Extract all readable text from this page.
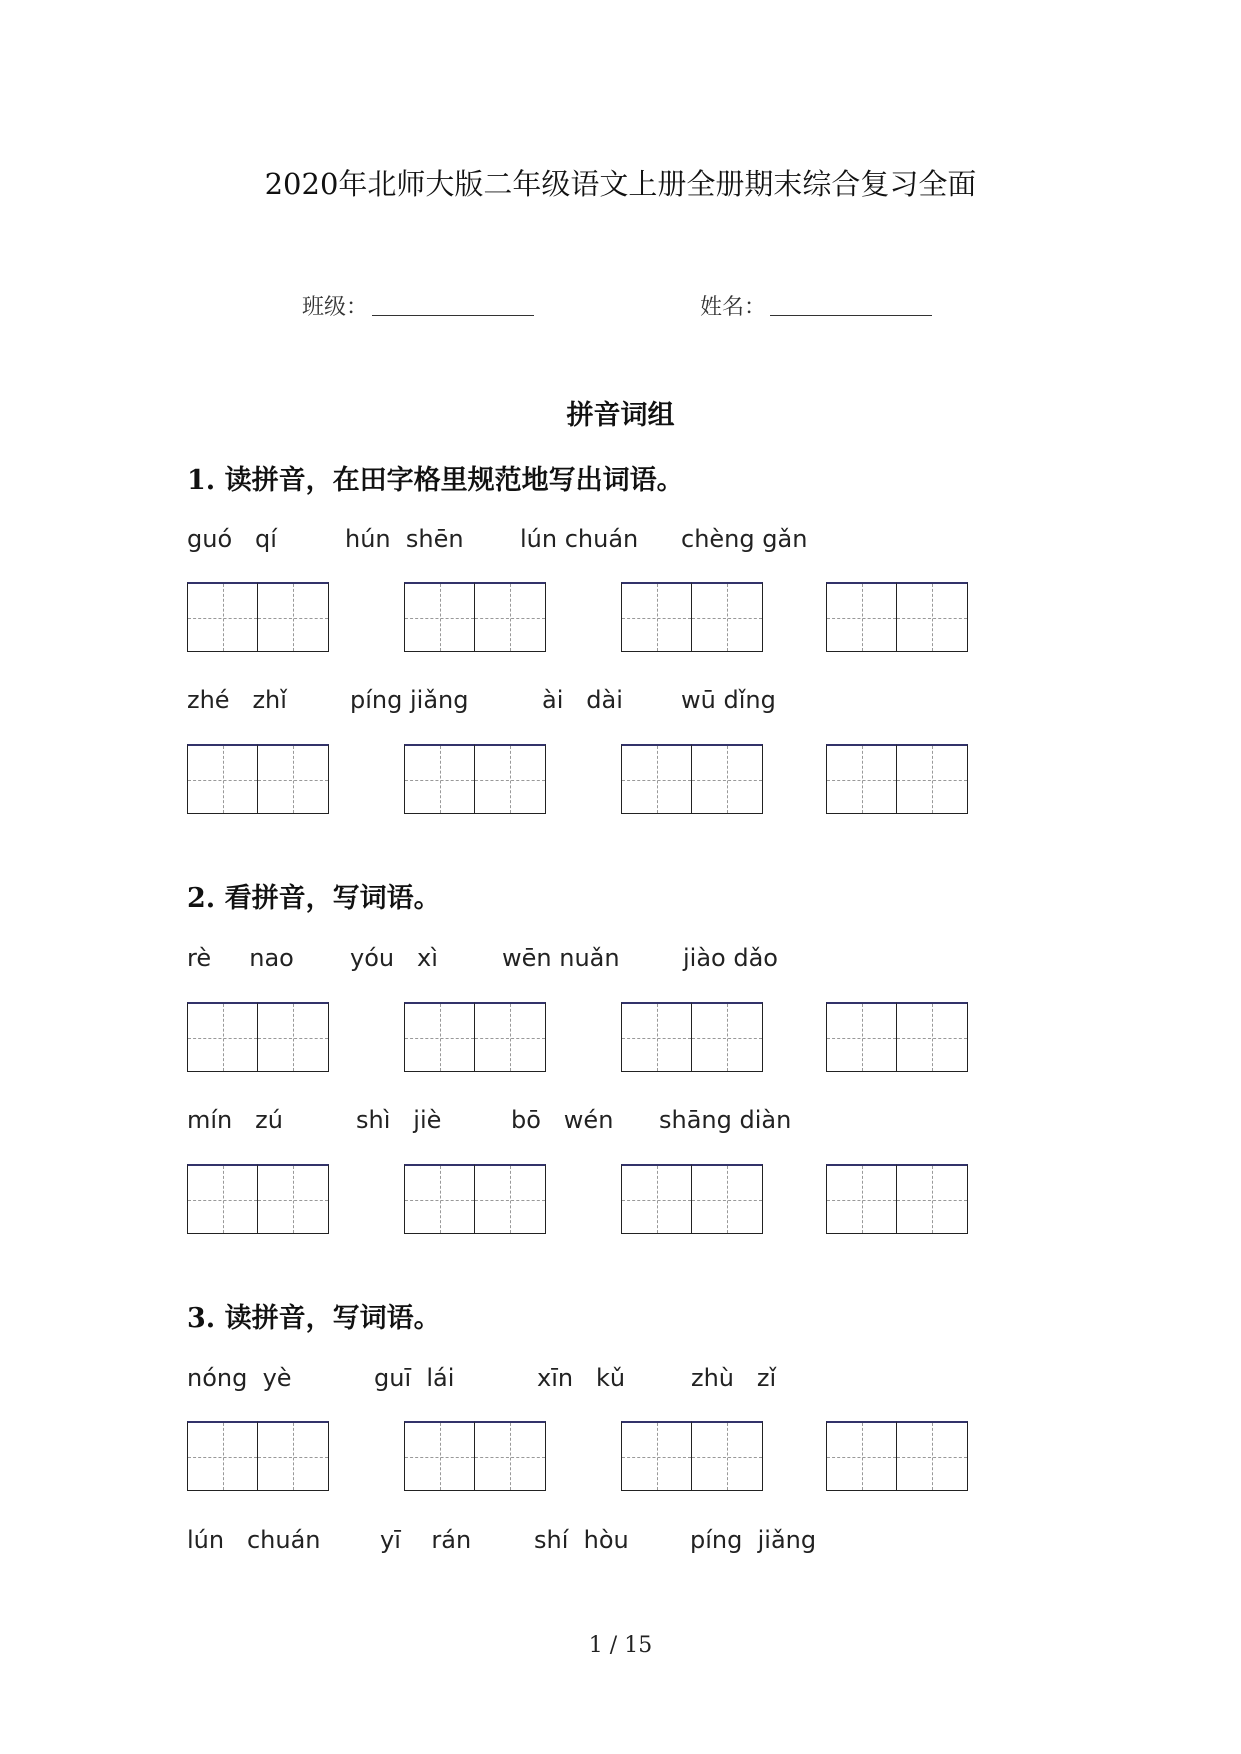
2020年北师大版二年级语文上册全册期末综合复习全面
班级：	姓名：
拼音词组
1. 读拼音，在田字格里规范地写出词语。
guó   qí	hún  shēn lún chuán chèng gǎn
zhé   zhǐ	píng jiǎng	ài   dài wū dǐng
2. 看拼音，写词语。
rè     nao yóu   xì	wēn nuǎn	jiào dǎo
mín   zú	shì   jiè	bō   wén shāng diàn
3. 读拼音，写词语。
nóng  yè	guī  lái	xīn   kǔ	zhù   zǐ
lún   chuán yī    rán	shí  hòu	píng  jiǎng
1 / 15
